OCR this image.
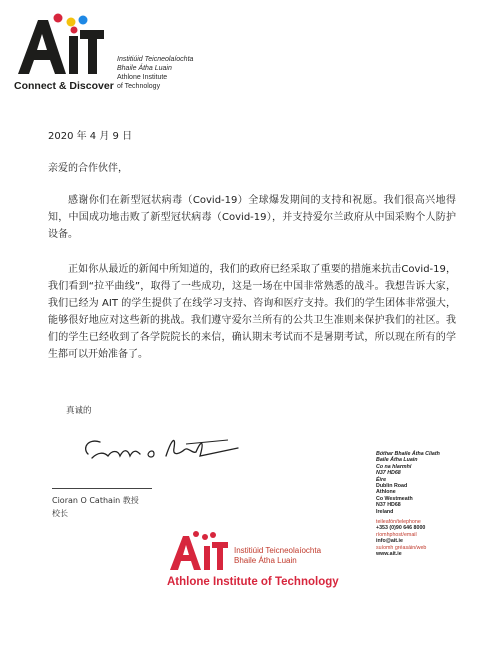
Connect & Discover
Institiúid Teicneolaíochta
Bhaile Átha Luain
Athlone Institute
of Technology
2020 年 4 月 9 日
亲爱的合作伙伴，
感谢你们在新型冠状病毒（Covid-19）全球爆发期间的支持和祝愿。我们很高兴地得知，中国成功地击败了新型冠状病毒（Covid-19），并支持爱尔兰政府从中国采购个人防护设备。
正如你从最近的新闻中所知道的，我们的政府已经采取了重要的措施来抗击Covid-19，我们看到“拉平曲线”，取得了一些成功，这是一场在中国非常熟悉的战斗。我想告诉大家，我们已经为 AIT 的学生提供了在线学习支持、咨询和医疗支持。我们的学生团体非常强大，能够很好地应对这些新的挑战。我们遵守爱尔兰所有的公共卫生准则来保护我们的社区。我们的学生已经收到了各学院院长的来信，确认期末考试而不是暑期考试，所以现在所有的学生都可以开始准备了。
真诚的
Cioran O Cathain 教授
校长
Bóthar Bhaile Átha Cliath
Baile Átha Luain
Co na hIarmhí
N37 HD68
Éire
Dublin Road
Athlone
Co Westmeath
N37 HD68
Ireland
teileafón/telephone
+353 (0)90 646 8000
ríomhphost/email
info@ait.ie
suíomh gréasáin/web
www.ait.ie
Institiúid Teicneolaíochta
Bhaile Átha Luain
Athlone Institute of Technology
